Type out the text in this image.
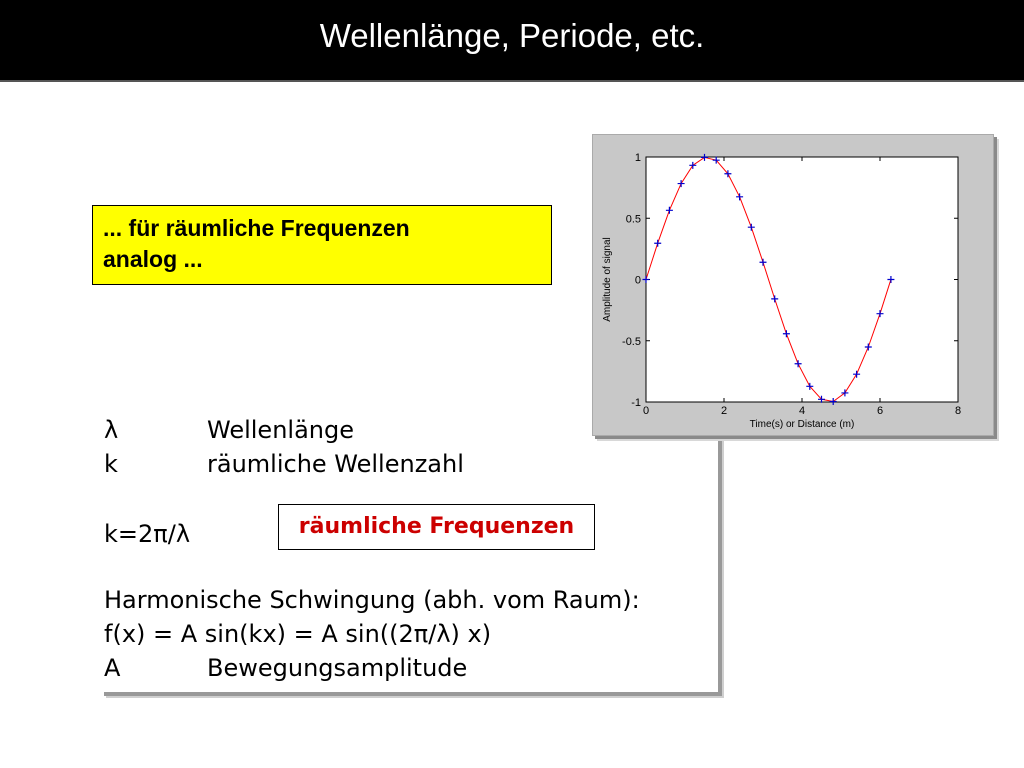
Wellenlänge, Periode, etc.
... für räumliche Frequenzen
analog ...
λ	Wellenlänge
k	räumliche Wellenzahl
k=2π/λ
Harmonische Schwingung (abh. vom Raum):
f(x) = A sin(kx) = A sin((2π/λ) x)
A	Bewegungsamplitude
räumliche Frequenzen
0	2	4	6	8
1
0.5
0
-0.5
-1
Time(s) or Distance (m)
Amplitude of signal
